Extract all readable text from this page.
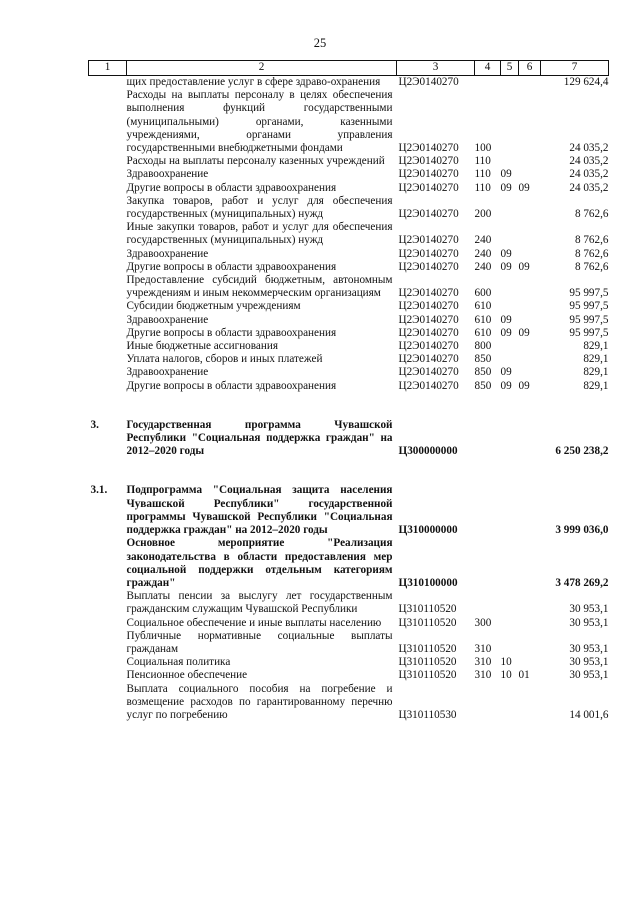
25
1	2	3	4	5	6	7
	щих предоставление услуг в сфере здраво-охранения	Ц2Э0140270				129 624,4
	Расходы на выплаты персоналу в целях обеспечения выполнения функций государственными (муниципальными) органами, казенными учреждениями, органами управления государственными внебюджетными фондами	Ц2Э0140270	100			24 035,2
	Расходы на выплаты персоналу казенных учреждений	Ц2Э0140270	110			24 035,2
	Здравоохранение	Ц2Э0140270	110	09		24 035,2
	Другие вопросы в области здравоохранения	Ц2Э0140270	110	09	09	24 035,2
	Закупка товаров, работ и услуг для обеспечения государственных (муниципальных) нужд	Ц2Э0140270	200			8 762,6
	Иные закупки товаров, работ и услуг для обеспечения государственных (муниципальных) нужд	Ц2Э0140270	240			8 762,6
	Здравоохранение	Ц2Э0140270	240	09		8 762,6
	Другие вопросы в области здравоохранения	Ц2Э0140270	240	09	09	8 762,6
	Предоставление субсидий бюджетным, автономным учреждениям и иным некоммерческим организациям	Ц2Э0140270	600			95 997,5
	Субсидии бюджетным учреждениям	Ц2Э0140270	610			95 997,5
	Здравоохранение	Ц2Э0140270	610	09		95 997,5
	Другие вопросы в области здравоохранения	Ц2Э0140270	610	09	09	95 997,5
	Иные бюджетные ассигнования	Ц2Э0140270	800			829,1
	Уплата налогов, сборов и иных платежей	Ц2Э0140270	850			829,1
	Здравоохранение	Ц2Э0140270	850	09		829,1
	Другие вопросы в области здравоохранения	Ц2Э0140270	850	09	09	829,1

3.	Государственная программа Чувашской Республики "Социальная поддержка граждан" на 2012–2020 годы	Ц300000000				6 250 238,2

3.1.	Подпрограмма "Социальная защита населения Чувашской Республики" государственной программы Чувашской Республики "Социальная поддержка граждан" на 2012–2020 годы	Ц310000000				3 999 036,0
	Основное мероприятие "Реализация законодательства в области предоставления мер социальной поддержки отдельным категориям граждан"	Ц310100000				3 478 269,2
	Выплаты пенсии за выслугу лет государственным гражданским служащим Чувашской Республики	Ц310110520				30 953,1
	Социальное обеспечение и иные выплаты населению	Ц310110520	300			30 953,1
	Публичные нормативные социальные выплаты гражданам	Ц310110520	310			30 953,1
	Социальная политика	Ц310110520	310	10		30 953,1
	Пенсионное обеспечение	Ц310110520	310	10	01	30 953,1
	Выплата социального пособия на погребение и возмещение расходов по гарантированному перечню услуг по погребению	Ц310110530				14 001,6
